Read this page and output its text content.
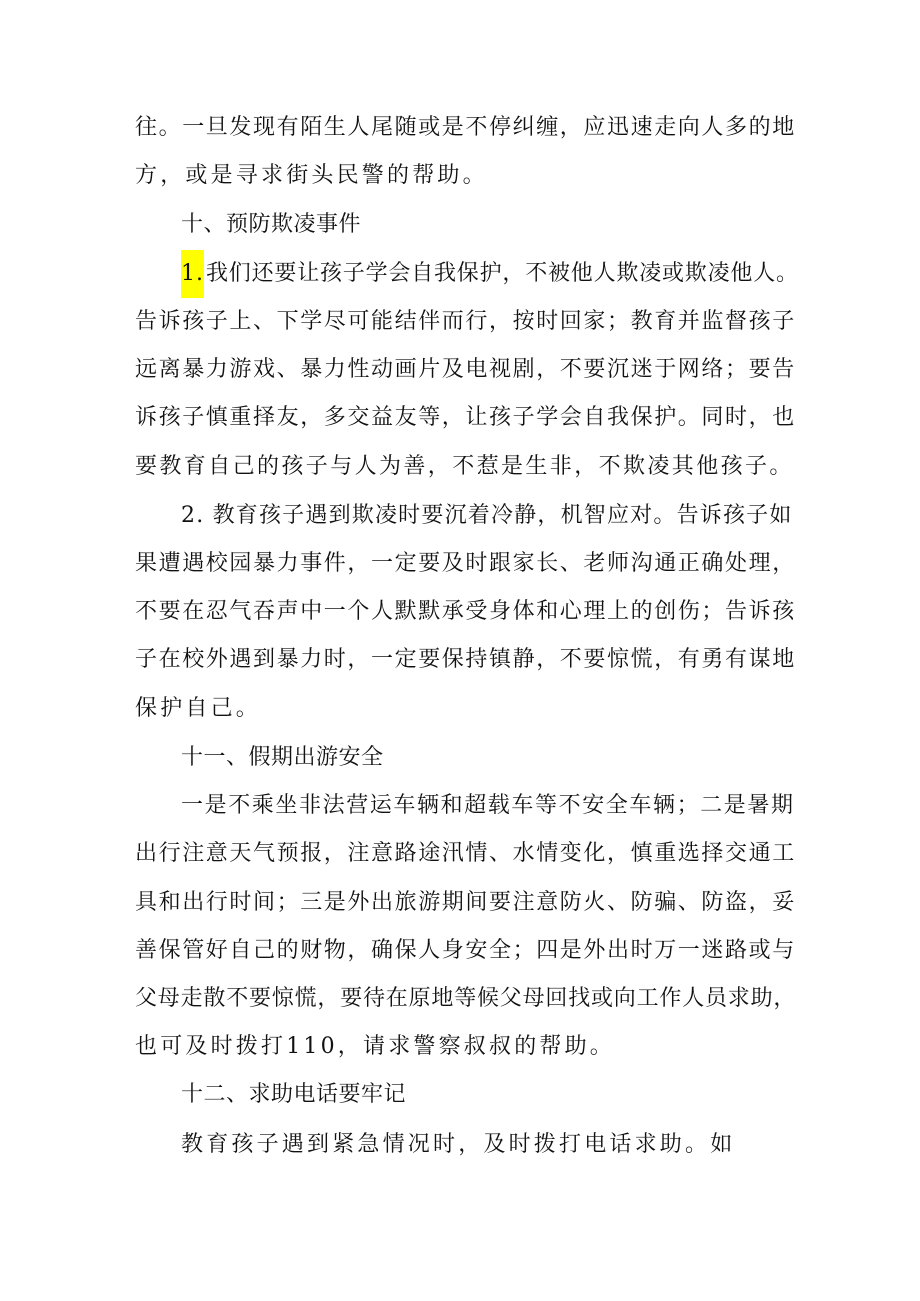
往。一旦发现有陌生人尾随或是不停纠缠，应迅速走向人多的地
方，或是寻求街头民警的帮助。
十、预防欺凌事件
1. 我们还要让孩子学会自我保护，不被他人欺凌或欺凌他人。
告诉孩子上、下学尽可能结伴而行，按时回家；教育并监督孩子
远离暴力游戏、暴力性动画片及电视剧，不要沉迷于网络；要告
诉孩子慎重择友，多交益友等，让孩子学会自我保护。同时，也
要教育自己的孩子与人为善，不惹是生非，不欺凌其他孩子。
2. 教育孩子遇到欺凌时要沉着冷静，机智应对。告诉孩子如
果遭遇校园暴力事件，一定要及时跟家长、老师沟通正确处理，
不要在忍气吞声中一个人默默承受身体和心理上的创伤；告诉孩
子在校外遇到暴力时，一定要保持镇静，不要惊慌，有勇有谋地
保护自己。
十一、假期出游安全
一是不乘坐非法营运车辆和超载车等不安全车辆；二是暑期
出行注意天气预报，注意路途汛情、水情变化，慎重选择交通工
具和出行时间；三是外出旅游期间要注意防火、防骗、防盗，妥
善保管好自己的财物，确保人身安全；四是外出时万一迷路或与
父母走散不要惊慌，要待在原地等候父母回找或向工作人员求助，
也可及时拨打110，请求警察叔叔的帮助。
十二、求助电话要牢记
教育孩子遇到紧急情况时，及时拨打电话求助。如
